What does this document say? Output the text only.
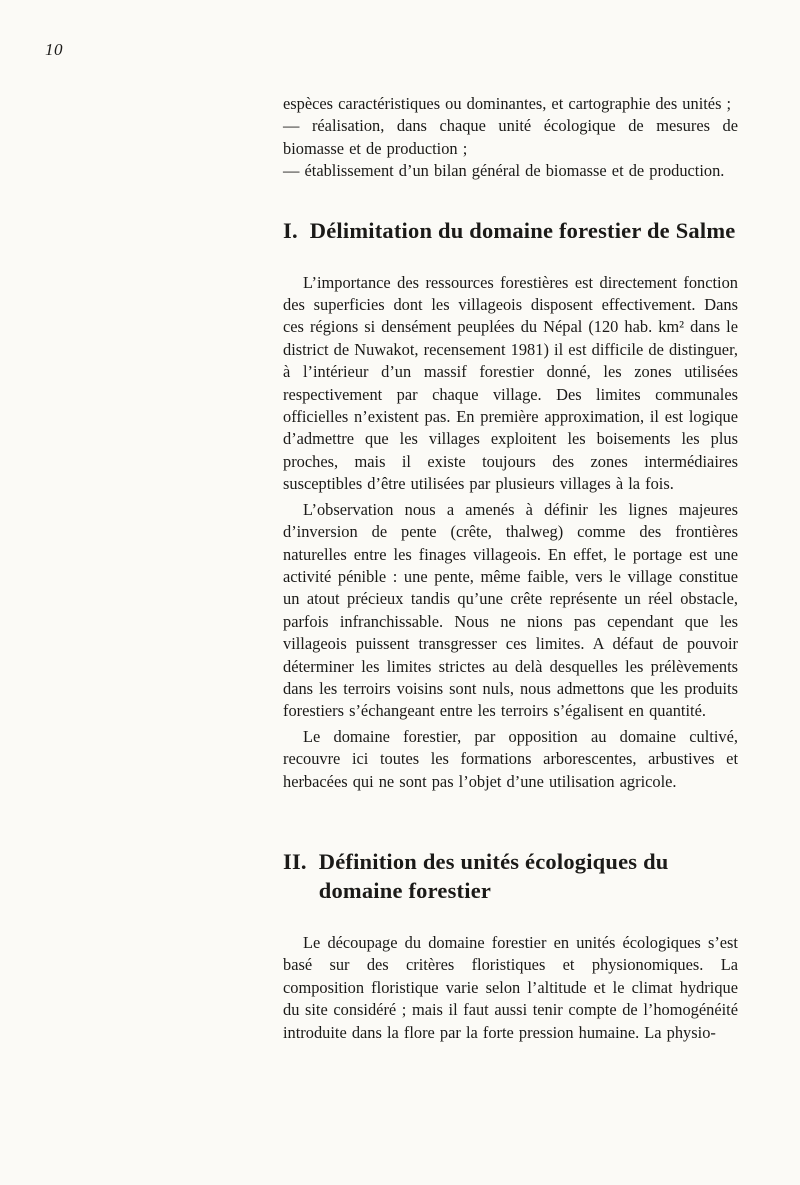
10

espèces caractéristiques ou dominantes, et cartographie des unités ;

— réalisation, dans chaque unité écologique de mesures de biomasse et de production ;

— établissement d’un bilan général de biomasse et de production.

I. Délimitation du domaine forestier de Salme

L’importance des ressources forestières est directement fonction des superficies dont les villageois disposent effectivement. Dans ces régions si densément peuplées du Népal (120 hab. km² dans le district de Nuwakot, recensement 1981) il est difficile de distinguer, à l’intérieur d’un massif forestier donné, les zones utilisées respectivement par chaque village. Des limites communales officielles n’existent pas. En première approximation, il est logique d’admettre que les villages exploitent les boisements les plus proches, mais il existe toujours des zones intermédiaires susceptibles d’être utilisées par plusieurs villages à la fois.

L’observation nous a amenés à définir les lignes majeures d’inversion de pente (crête, thalweg) comme des frontières naturelles entre les finages villageois. En effet, le portage est une activité pénible : une pente, même faible, vers le village constitue un atout précieux tandis qu’une crête représente un réel obstacle, parfois infranchissable. Nous ne nions pas cependant que les villageois puissent transgresser ces limites. A défaut de pouvoir déterminer les limites strictes au delà desquelles les prélèvements dans les terroirs voisins sont nuls, nous admettons que les produits forestiers s’échangeant entre les terroirs s’égalisent en quantité.

Le domaine forestier, par opposition au domaine cultivé, recouvre ici toutes les formations arborescentes, arbustives et herbacées qui ne sont pas l’objet d’une utilisation agricole.

II. Définition des unités écologiques du domaine forestier

Le découpage du domaine forestier en unités écologiques s’est basé sur des critères floristiques et physionomiques. La composition floristique varie selon l’altitude et le climat hydrique du site considéré ; mais il faut aussi tenir compte de l’homogénéité introduite dans la flore par la forte pression humaine. La physio-
